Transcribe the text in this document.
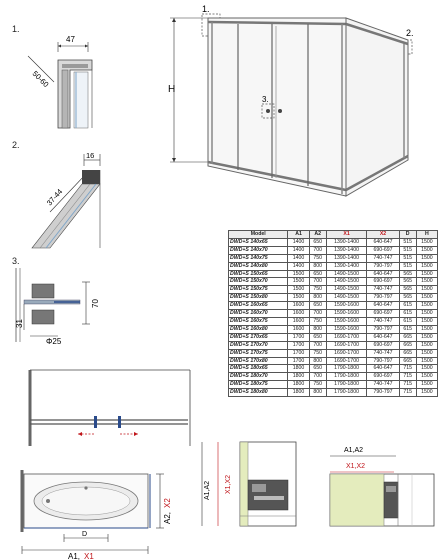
1.
47
50-60
2.
16
37-44
3.
70
31
Φ25
1.
2.
H
3.
Model	A1	A2	X1	X2	D	H
DWD+S 140x65	1400	650	1390-1400	640-647	515	1500
DWD+S 140x70	1400	700	1390-1400	690-697	515	1500
DWD+S 140x75	1400	750	1390-1400	740-747	515	1500
DWD+S 140x80	1400	800	1390-1400	790-797	515	1500
DWD+S 150x65	1500	650	1490-1500	640-647	565	1500
DWD+S 150x70	1500	700	1490-1500	690-697	565	1500
DWD+S 150x75	1500	750	1490-1500	740-747	565	1500
DWD+S 150x80	1500	800	1490-1500	790-797	565	1500
DWD+S 160x65	1600	650	1590-1600	640-647	615	1500
DWD+S 160x70	1600	700	1590-1600	690-697	615	1500
DWD+S 160x75	1600	750	1590-1600	740-747	615	1500
DWD+S 160x80	1600	800	1590-1600	790-797	615	1500
DWD+S 170x65	1700	650	1690-1700	640-647	665	1500
DWD+S 170x70	1700	700	1690-1700	690-697	665	1500
DWD+S 170x75	1700	750	1690-1700	740-747	665	1500
DWD+S 170x80	1700	800	1690-1700	790-797	665	1500
DWD+S 180x65	1800	650	1790-1800	640-647	715	1500
DWD+S 180x70	1800	700	1790-1800	690-697	715	1500
DWD+S 180x75	1800	750	1790-1800	740-747	715	1500
DWD+S 180x80	1800	800	1790-1800	790-797	715	1500
A2,
X2
D
A1, X1
A1,A2 X1,X2
A1,A2
X1,X2
